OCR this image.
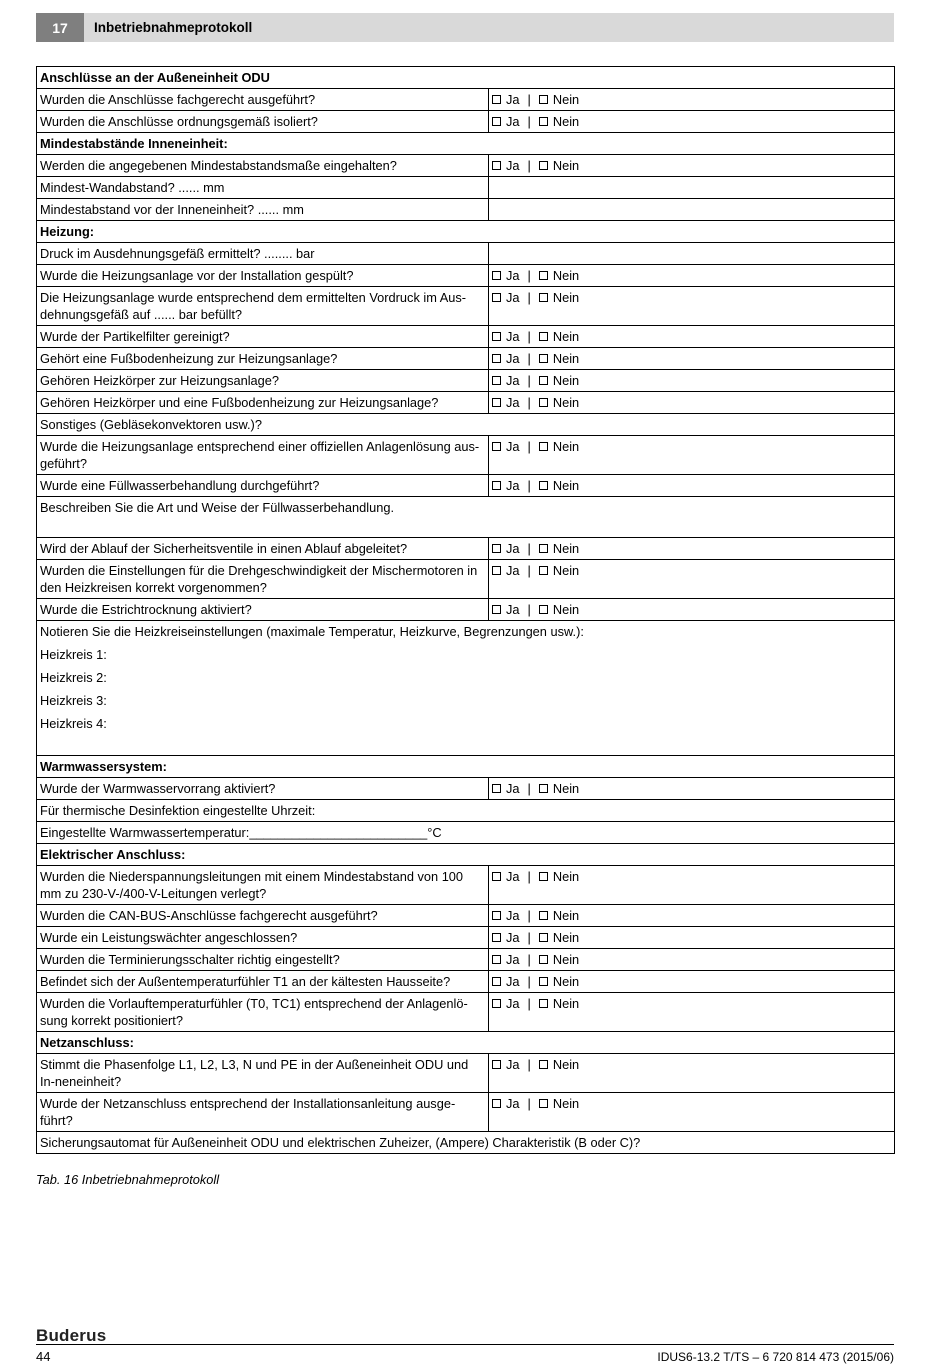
17	Inbetriebnahmeprotokoll
Anschlüsse an der Außeneinheit ODU	
Wurden die Anschlüsse fachgerecht ausgeführt?	Ja | Nein

Wurden die Anschlüsse ordnungsgemäß isoliert?	Ja | Nein

Mindestabstände Inneneinheit:	
Werden die angegebenen Mindestabstandsmaße eingehalten?	Ja | Nein

Mindest-Wandabstand? ...... mm	
Mindestabstand vor der Inneneinheit? ...... mm	
Heizung:	
Druck im Ausdehnungsgefäß ermittelt? ........ bar	
Wurde die Heizungsanlage vor der Installation gespült?	Ja | Nein

Die Heizungsanlage wurde entsprechend dem ermittelten Vordruck im Aus-dehnungsgefäß auf ...... bar befüllt?	Ja | Nein

Wurde der Partikelfilter gereinigt?	Ja | Nein

Gehört eine Fußbodenheizung zur Heizungsanlage?	Ja | Nein

Gehören Heizkörper zur Heizungsanlage?	Ja | Nein

Gehören Heizkörper und eine Fußbodenheizung zur Heizungsanlage?	Ja | Nein

Sonstiges (Gebläsekonvektoren usw.)?	
Wurde die Heizungsanlage entsprechend einer offiziellen Anlagenlösung aus-geführt?	Ja | Nein

Wurde eine Füllwasserbehandlung durchgeführt?	Ja | Nein

Beschreiben Sie die Art und Weise der Füllwasserbehandlung.	
Wird der Ablauf der Sicherheitsventile in einen Ablauf abgeleitet?	Ja | Nein

Wurden die Einstellungen für die Drehgeschwindigkeit der Mischermotoren in den Heizkreisen korrekt vorgenommen?	Ja | Nein

Wurde die Estrichtrocknung aktiviert?	Ja | Nein

Notieren Sie die Heizkreiseinstellungen (maximale Temperatur, Heizkurve, Begrenzungen usw.):
Heizkreis 1:
Heizkreis 2:
Heizkreis 3:
Heizkreis 4:	

Warmwassersystem:	
Wurde der Warmwasservorrang aktiviert?	Ja | Nein

Für thermische Desinfektion eingestellte Uhrzeit:	
Eingestellte Warmwassertemperatur:_________________________°C	
Elektrischer Anschluss:	
Wurden die Niederspannungsleitungen mit einem Mindestabstand von 100 mm zu 230-V-/400-V-Leitungen verlegt?	Ja | Nein

Wurden die CAN-BUS-Anschlüsse fachgerecht ausgeführt?	Ja | Nein

Wurde ein Leistungswächter angeschlossen?	Ja | Nein

Wurden die Terminierungsschalter richtig eingestellt?	Ja | Nein

Befindet sich der Außentemperaturfühler T1 an der kältesten Hausseite?	Ja | Nein

Wurden die Vorlauftemperaturfühler (T0, TC1) entsprechend der Anlagenlö-sung korrekt positioniert?	Ja | Nein

Netzanschluss:	
Stimmt die Phasenfolge L1, L2, L3, N und PE in der Außeneinheit ODU und In-neneinheit?	Ja | Nein

Wurde der Netzanschluss entsprechend der Installationsanleitung ausge-führt?	Ja | Nein

Sicherungsautomat für Außeneinheit ODU und elektrischen Zuheizer, (Ampere) Charakteristik (B oder C)?	
Tab. 16 Inbetriebnahmeprotokoll
Buderus
44	IDUS6-13.2 T/TS – 6 720 814 473 (2015/06)
